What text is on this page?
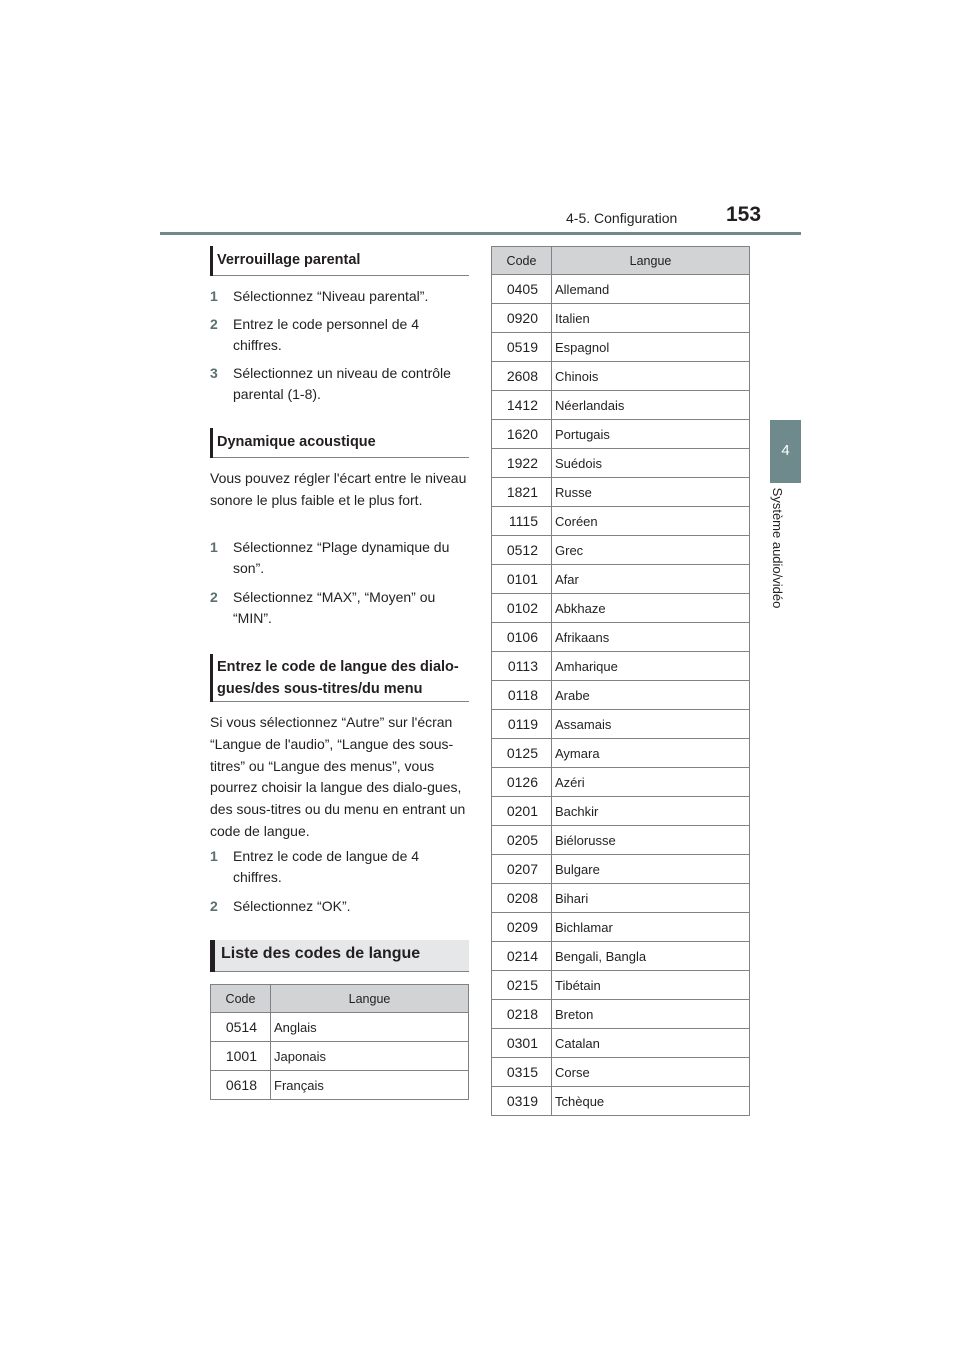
4-5. Configuration 153
4
Système audio/vidéo
Verrouillage parental
1	Sélectionnez “Niveau parental”.
2	Entrez le code personnel de 4 chiffres.
3	Sélectionnez un niveau de contrôle parental (1-8).
Dynamique acoustique
Vous pouvez régler l'écart entre le niveau sonore le plus faible et le plus fort.
1	Sélectionnez “Plage dynamique du son”.
2	Sélectionnez “MAX”, “Moyen” ou “MIN”.
Entrez le code de langue des dialo-gues/des sous-titres/du menu
Si vous sélectionnez “Autre” sur l'écran “Langue de l'audio”, “Langue des sous-titres” ou “Langue des menus”, vous pourrez choisir la langue des dialo-gues, des sous-titres ou du menu en entrant un code de langue.
1	Entrez le code de langue de 4 chiffres.
2	Sélectionnez “OK”.
Liste des codes de langue
Code	Langue
0514	Anglais
1001	Japonais
0618	Français
Code	Langue
0405	Allemand
0920	Italien
0519	Espagnol
2608	Chinois
1412	Néerlandais
1620	Portugais
1922	Suédois
1821	Russe
1115	Coréen
0512	Grec
0101	Afar
0102	Abkhaze
0106	Afrikaans
0113	Amharique
0118	Arabe
0119	Assamais
0125	Aymara
0126	Azéri
0201	Bachkir
0205	Biélorusse
0207	Bulgare
0208	Bihari
0209	Bichlamar
0214	Bengali, Bangla
0215	Tibétain
0218	Breton
0301	Catalan
0315	Corse
0319	Tchèque
